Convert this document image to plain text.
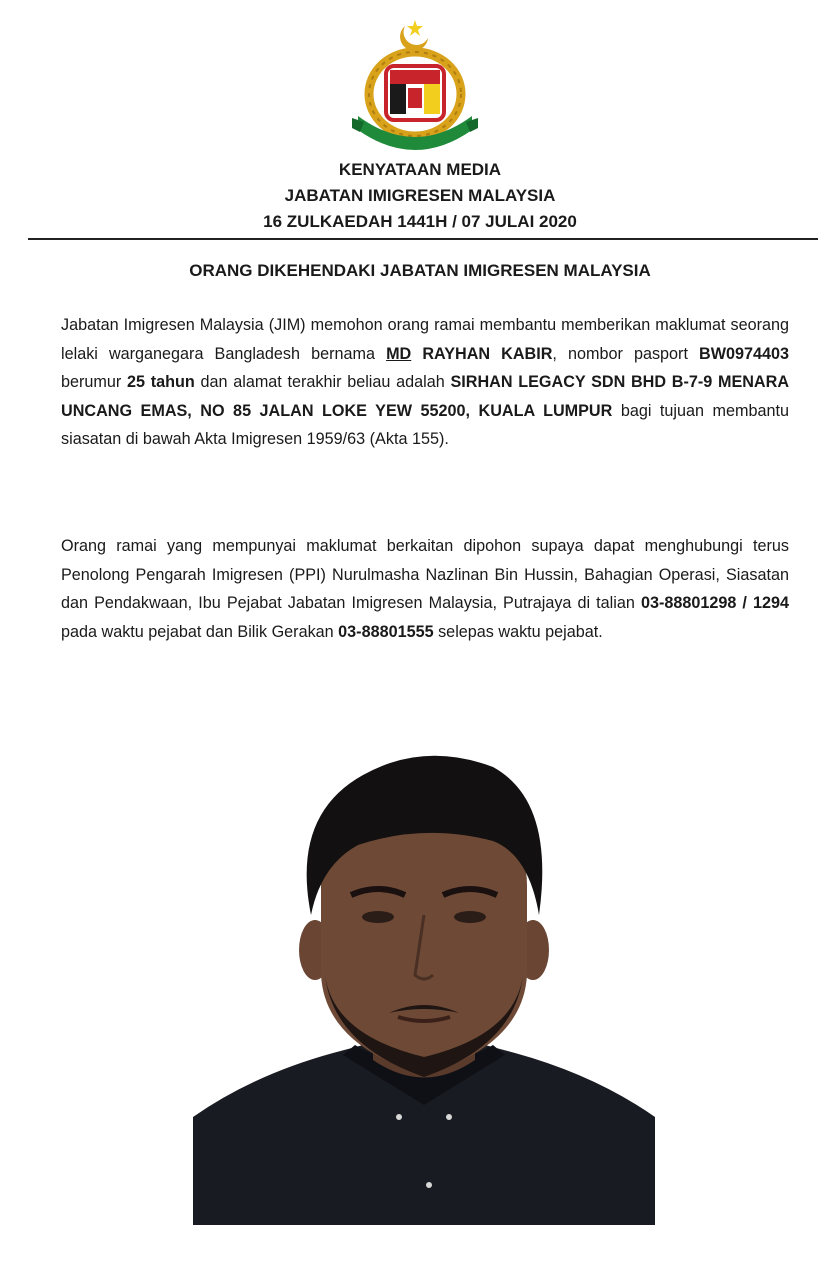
KENYATAAN MEDIA
JABATAN IMIGRESEN MALAYSIA
16 ZULKAEDAH 1441H / 07 JULAI 2020
ORANG DIKEHENDAKI JABATAN IMIGRESEN MALAYSIA
Jabatan Imigresen Malaysia (JIM) memohon orang ramai membantu memberikan maklumat seorang lelaki warganegara Bangladesh bernama MD RAYHAN KABIR, nombor pasport BW0974403 berumur 25 tahun dan alamat terakhir beliau adalah SIRHAN LEGACY SDN BHD B-7-9 MENARA UNCANG EMAS, NO 85 JALAN LOKE YEW 55200, KUALA LUMPUR bagi tujuan membantu siasatan di bawah Akta Imigresen 1959/63 (Akta 155).
Orang ramai yang mempunyai maklumat berkaitan dipohon supaya dapat menghubungi terus Penolong Pengarah Imigresen (PPI) Nurulmasha Nazlinan Bin Hussin, Bahagian Operasi, Siasatan dan Pendakwaan, Ibu Pejabat Jabatan Imigresen Malaysia, Putrajaya di talian 03-88801298 / 1294 pada waktu pejabat dan Bilik Gerakan 03-88801555 selepas waktu pejabat.
